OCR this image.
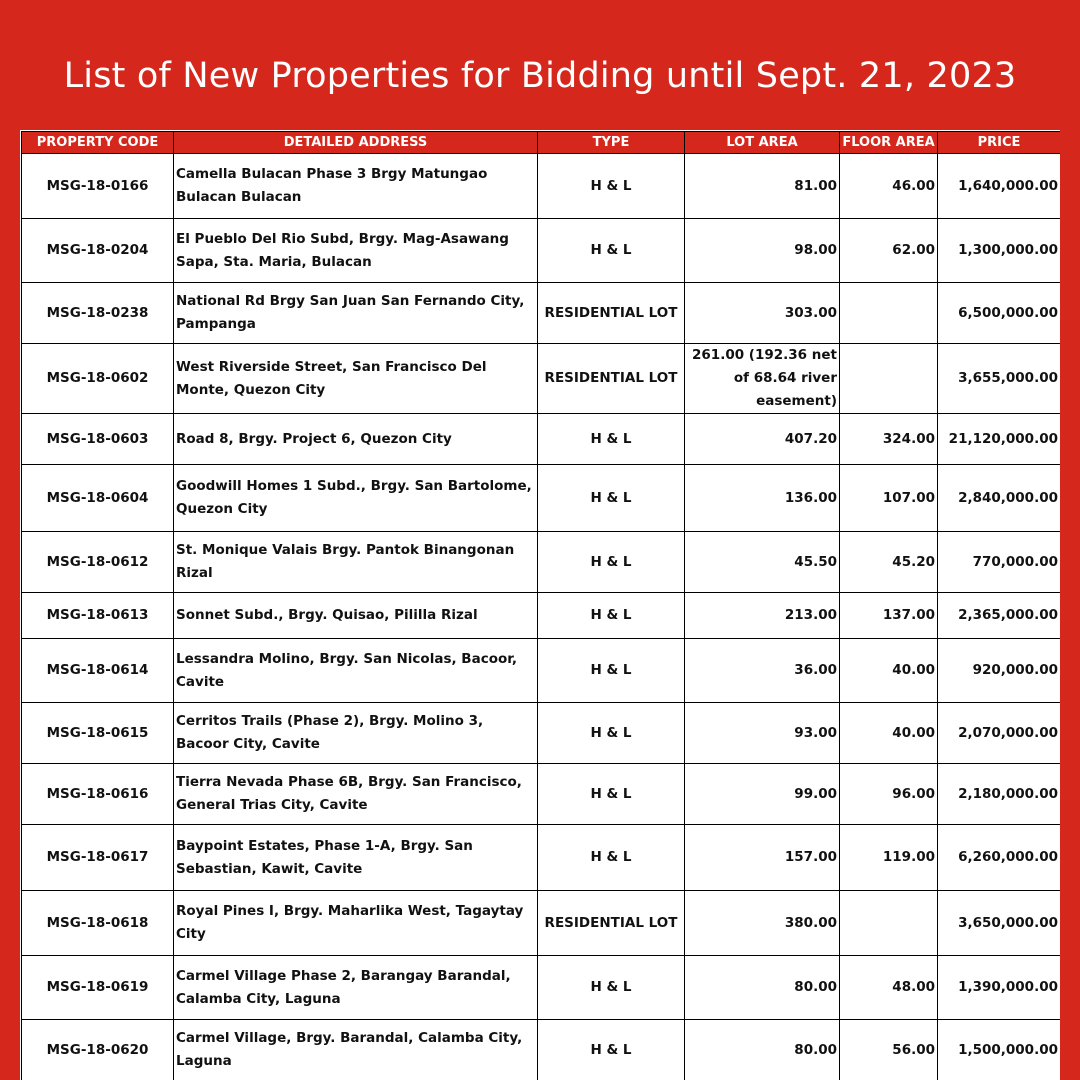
List of New Properties for Bidding until Sept. 21, 2023
PROPERTY CODE	DETAILED ADDRESS	TYPE	LOT AREA	FLOOR AREA	PRICE
MSG-18-0166	Camella Bulacan Phase 3 Brgy Matungao Bulacan Bulacan	H & L	81.00	46.00	1,640,000.00
MSG-18-0204	El Pueblo Del Rio Subd, Brgy. Mag-Asawang Sapa, Sta. Maria, Bulacan	H & L	98.00	62.00	1,300,000.00
MSG-18-0238	National Rd Brgy San Juan San Fernando City, Pampanga	RESIDENTIAL LOT	303.00		6,500,000.00
MSG-18-0602	West Riverside Street, San Francisco Del Monte, Quezon City	RESIDENTIAL LOT	261.00 (192.36 net of 68.64 river easement)		3,655,000.00
MSG-18-0603	Road 8, Brgy. Project 6, Quezon City	H & L	407.20	324.00	21,120,000.00
MSG-18-0604	Goodwill Homes 1 Subd., Brgy. San Bartolome, Quezon City	H & L	136.00	107.00	2,840,000.00
MSG-18-0612	St. Monique Valais Brgy. Pantok Binangonan Rizal	H & L	45.50	45.20	770,000.00
MSG-18-0613	Sonnet Subd., Brgy. Quisao, Pililla Rizal	H & L	213.00	137.00	2,365,000.00
MSG-18-0614	Lessandra Molino, Brgy. San Nicolas, Bacoor, Cavite	H & L	36.00	40.00	920,000.00
MSG-18-0615	Cerritos Trails (Phase 2), Brgy. Molino 3, Bacoor City, Cavite	H & L	93.00	40.00	2,070,000.00
MSG-18-0616	Tierra Nevada Phase 6B, Brgy. San Francisco, General Trias City, Cavite	H & L	99.00	96.00	2,180,000.00
MSG-18-0617	Baypoint Estates, Phase 1-A, Brgy. San Sebastian, Kawit, Cavite	H & L	157.00	119.00	6,260,000.00
MSG-18-0618	Royal Pines I, Brgy. Maharlika West, Tagaytay City	RESIDENTIAL LOT	380.00		3,650,000.00
MSG-18-0619	Carmel Village Phase 2, Barangay Barandal, Calamba City, Laguna	H & L	80.00	48.00	1,390,000.00
MSG-18-0620	Carmel Village, Brgy. Barandal, Calamba City, Laguna	H & L	80.00	56.00	1,500,000.00
